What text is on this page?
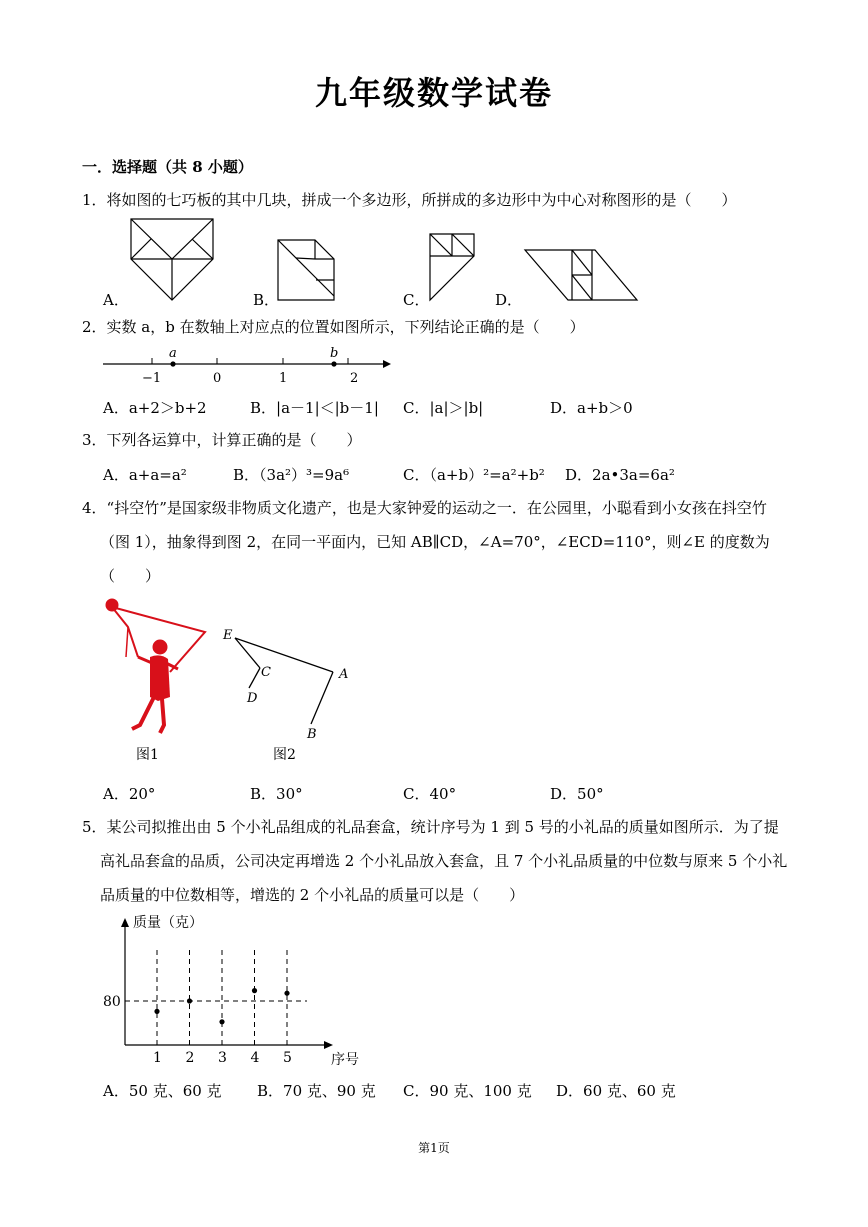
九年级数学试卷
一．选择题（共 8 小题）
1．将如图的七巧板的其中几块，拼成一个多边形，所拼成的多边形中为中心对称图形的是（　　）
A．	B．	C．	D．
2．实数 a，b 在数轴上对应点的位置如图所示，下列结论正确的是（　　）
a	b
−1	0	1	2
A．a+2＞b+2	B．|a－1|＜|b－1| C．|a|＞|b|	D．a+b＞0
3．下列各运算中，计算正确的是（　　）
A．a+a=a²	B．（3a²）³=9a⁶	C．（a+b）²=a²+b² D．2a•3a=6a²
4．“抖空竹”是国家级非物质文化遗产，也是大家钟爱的运动之一．在公园里，小聪看到小女孩在抖空竹
（图 1），抽象得到图 2，在同一平面内，已知 AB∥CD，∠A=70°，∠ECD=110°，则∠E 的度数为
（　　）
E
C
D
A
B
图1	图2
A．20°	B．30°	C．40°	D．50°
5．某公司拟推出由 5 个小礼品组成的礼品套盒，统计序号为 1 到 5 号的小礼品的质量如图所示．为了提
高礼品套盒的品质，公司决定再增选 2 个小礼品放入套盒，且 7 个小礼品质量的中位数与原来 5 个小礼
品质量的中位数相等，增选的 2 个小礼品的质量可以是（　　）
质量（克）
序号
80
1 2 3 4 5
A．50 克、60 克 B．70 克、90 克 C．90 克、100 克 D．60 克、60 克
第1页
